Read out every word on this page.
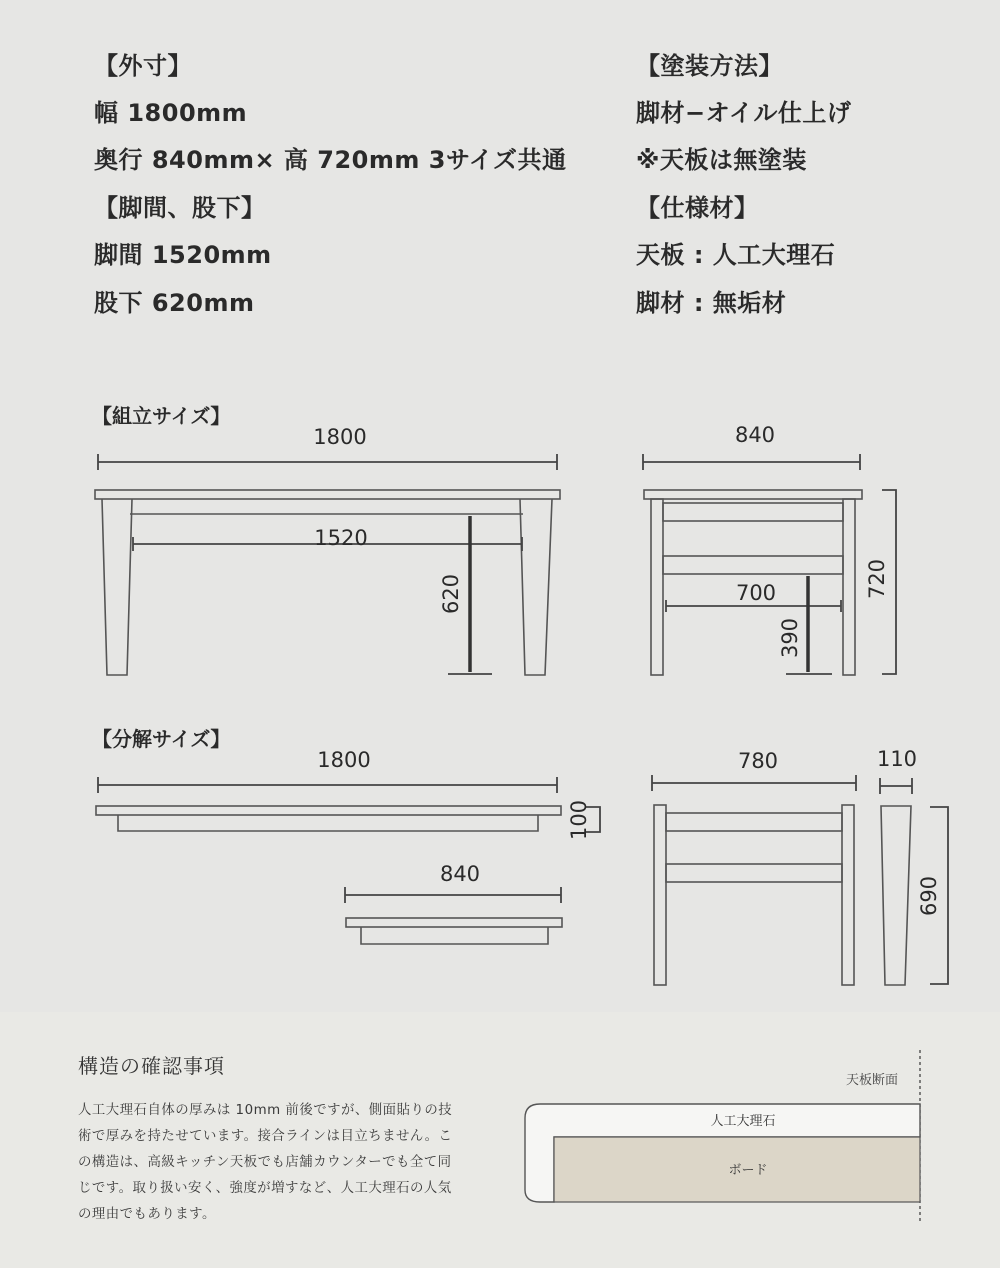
【外寸】
幅 1800mm
奥行 840mm× 高 720mm 3サイズ共通
【脚間、股下】
脚間 1520mm
股下 620mm
【塗装方法】
脚材−オイル仕上げ
※天板は無塗装
【仕様材】
天板 : 人工大理石
脚材 : 無垢材
【組立サイズ】
【分解サイズ】
1800
1520
620
840
700
390
720
1800
100
840
780	110
690
構造の確認事項
人工大理石自体の厚みは 10mm 前後ですが、側面貼りの技
術で厚みを持たせています。接合ラインは目立ちません。こ
の構造は、高級キッチン天板でも店舗カウンターでも全て同
じです。取り扱い安く、強度が増すなど、人工大理石の人気
の理由でもあります。
天板断面
人工大理石
ボード
